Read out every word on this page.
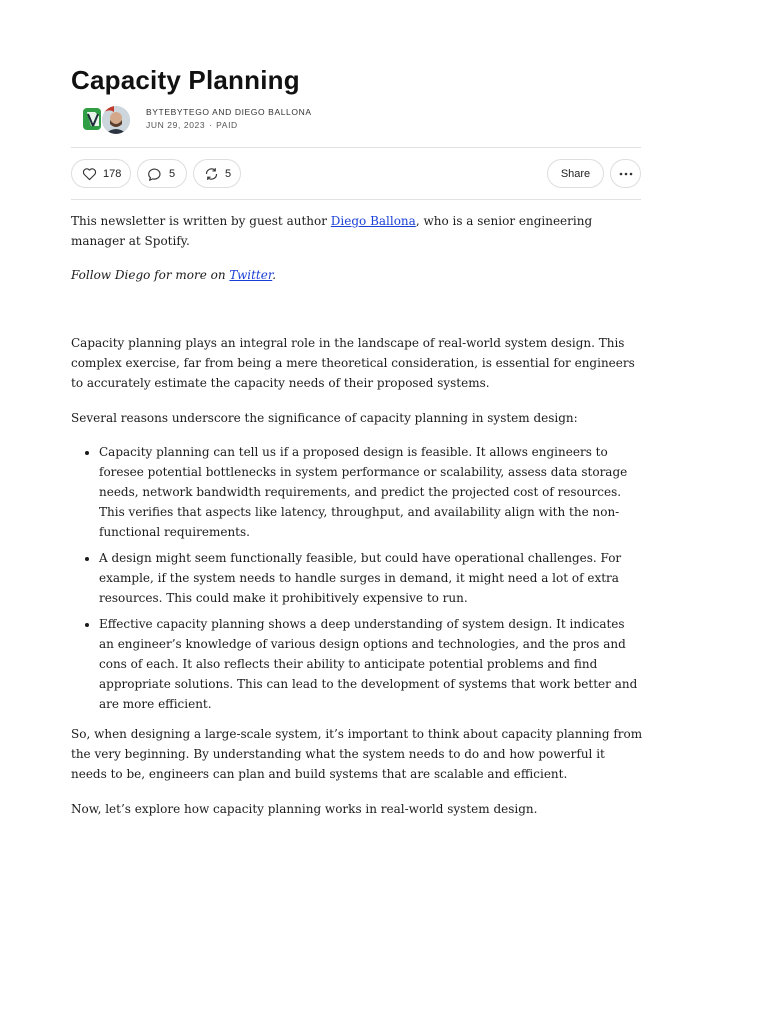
Capacity Planning
BYTEBYTEGO AND DIEGO BALLONA
JUN 29, 2023 ∙ PAID
178	5	5	Share

This newsletter is written by guest author Diego Ballona, who is a senior engineering manager at Spotify.

Follow Diego for more on Twitter.

Capacity planning plays an integral role in the landscape of real-world system design. This complex exercise, far from being a mere theoretical consideration, is essential for engineers to accurately estimate the capacity needs of their proposed systems.

Several reasons underscore the significance of capacity planning in system design:

• Capacity planning can tell us if a proposed design is feasible. It allows engineers to foresee potential bottlenecks in system performance or scalability, assess data storage needs, network bandwidth requirements, and predict the projected cost of resources. This verifies that aspects like latency, throughput, and availability align with the non-functional requirements.
• A design might seem functionally feasible, but could have operational challenges. For example, if the system needs to handle surges in demand, it might need a lot of extra resources. This could make it prohibitively expensive to run.
• Effective capacity planning shows a deep understanding of system design. It indicates an engineer’s knowledge of various design options and technologies, and the pros and cons of each. It also reflects their ability to anticipate potential problems and find appropriate solutions. This can lead to the development of systems that work better and are more efficient.

So, when designing a large-scale system, it’s important to think about capacity planning from the very beginning. By understanding what the system needs to do and how powerful it needs to be, engineers can plan and build systems that are scalable and efficient.

Now, let’s explore how capacity planning works in real-world system design.
